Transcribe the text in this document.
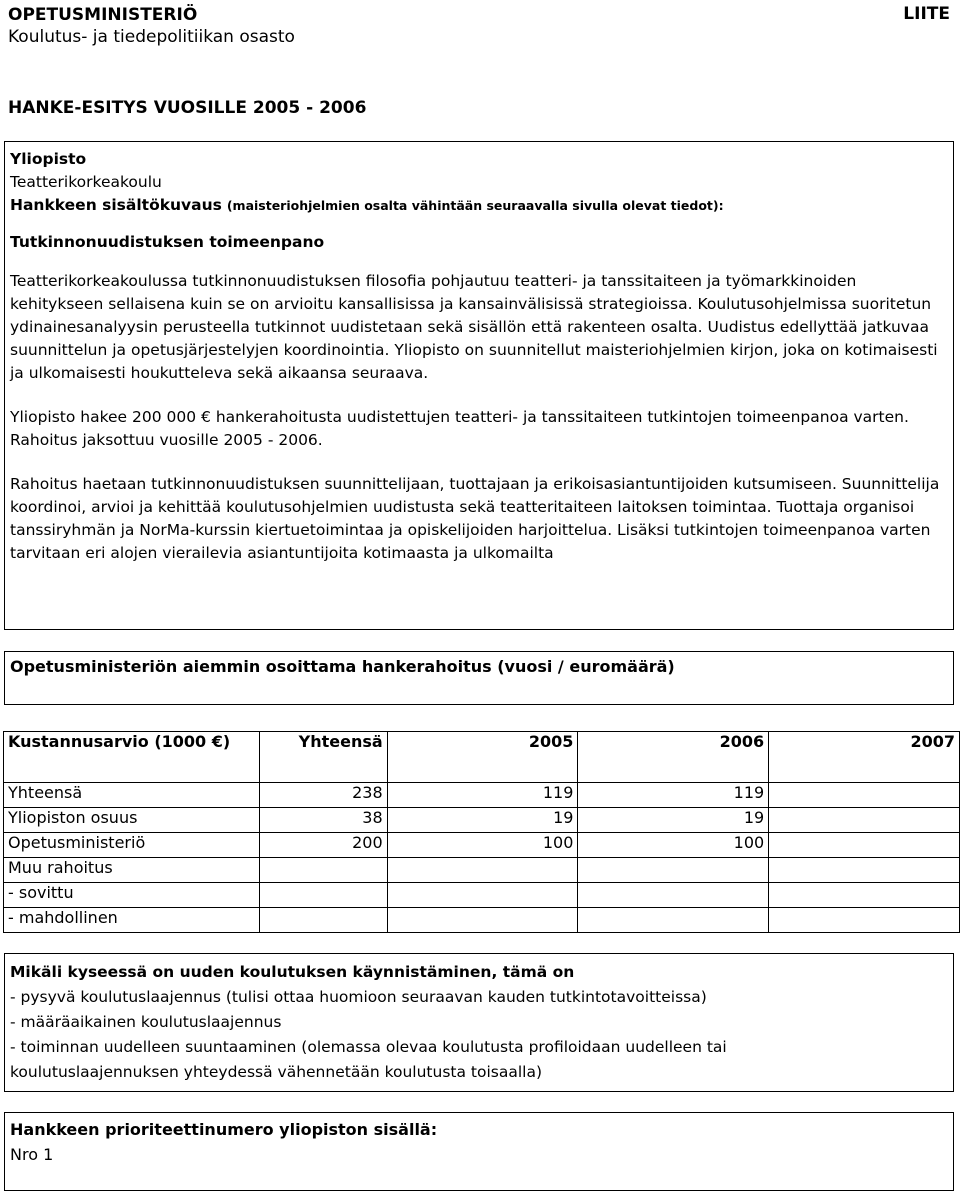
OPETUSMINISTERIÖ
Koulutus- ja tiedepolitiikan osasto
LIITE
HANKE-ESITYS VUOSILLE 2005 - 2006

Yliopisto

Teatterikorkeakoulu

Hankkeen sisältökuvaus (maisteriohjelmien osalta vähintään seuraavalla sivulla olevat tiedot):

Tutkinnonuudistuksen toimeenpano

Teatterikorkeakoulussa tutkinnonuudistuksen filosofia pohjautuu teatteri- ja tanssitaiteen ja työmarkkinoiden kehitykseen sellaisena kuin se on arvioitu kansallisissa ja kansainvälisissä strategioissa. Koulutusohjelmissa suoritetun ydinainesanalyysin perusteella tutkinnot uudistetaan sekä sisällön että rakenteen osalta. Uudistus edellyttää jatkuvaa suunnittelun ja opetusjärjestelyjen koordinointia. Yliopisto on suunnitellut maisteriohjelmien kirjon, joka on kotimaisesti ja ulkomaisesti houkutteleva sekä aikaansa seuraava.

Yliopisto hakee 200 000 € hankerahoitusta uudistettujen teatteri- ja tanssitaiteen tutkintojen toimeenpanoa varten. Rahoitus jaksottuu vuosille 2005 - 2006.

Rahoitus haetaan tutkinnonuudistuksen suunnittelijaan, tuottajaan ja erikoisasiantuntijoiden kutsumiseen. Suunnittelija koordinoi, arvioi ja kehittää koulutusohjelmien uudistusta sekä teatteritaiteen laitoksen toimintaa. Tuottaja organisoi tanssiryhmän ja NorMa-kurssin kiertuetoimintaa ja opiskelijoiden harjoittelua. Lisäksi tutkintojen toimeenpanoa varten tarvitaan eri alojen vierailevia asiantuntijoita kotimaasta ja ulkomailta

Opetusministeriön aiemmin osoittama hankerahoitus (vuosi / euromäärä)
Kustannusarvio (1000 €)	Yhteensä	2005	2006	2007
Yhteensä	238	119	119	
Yliopiston osuus	38	19	19	
Opetusministeriö	200	100	100	
Muu rahoitus				
- sovittu				
- mahdollinen				

Mikäli kyseessä on uuden koulutuksen käynnistäminen, tämä on

- pysyvä koulutuslaajennus (tulisi ottaa huomioon seuraavan kauden tutkintotavoitteissa)

- määräaikainen koulutuslaajennus

- toiminnan uudelleen suuntaaminen (olemassa olevaa koulutusta profiloidaan uudelleen tai koulutuslaajennuksen yhteydessä vähennetään koulutusta toisaalla)

Hankkeen prioriteettinumero yliopiston sisällä:
Nro 1
